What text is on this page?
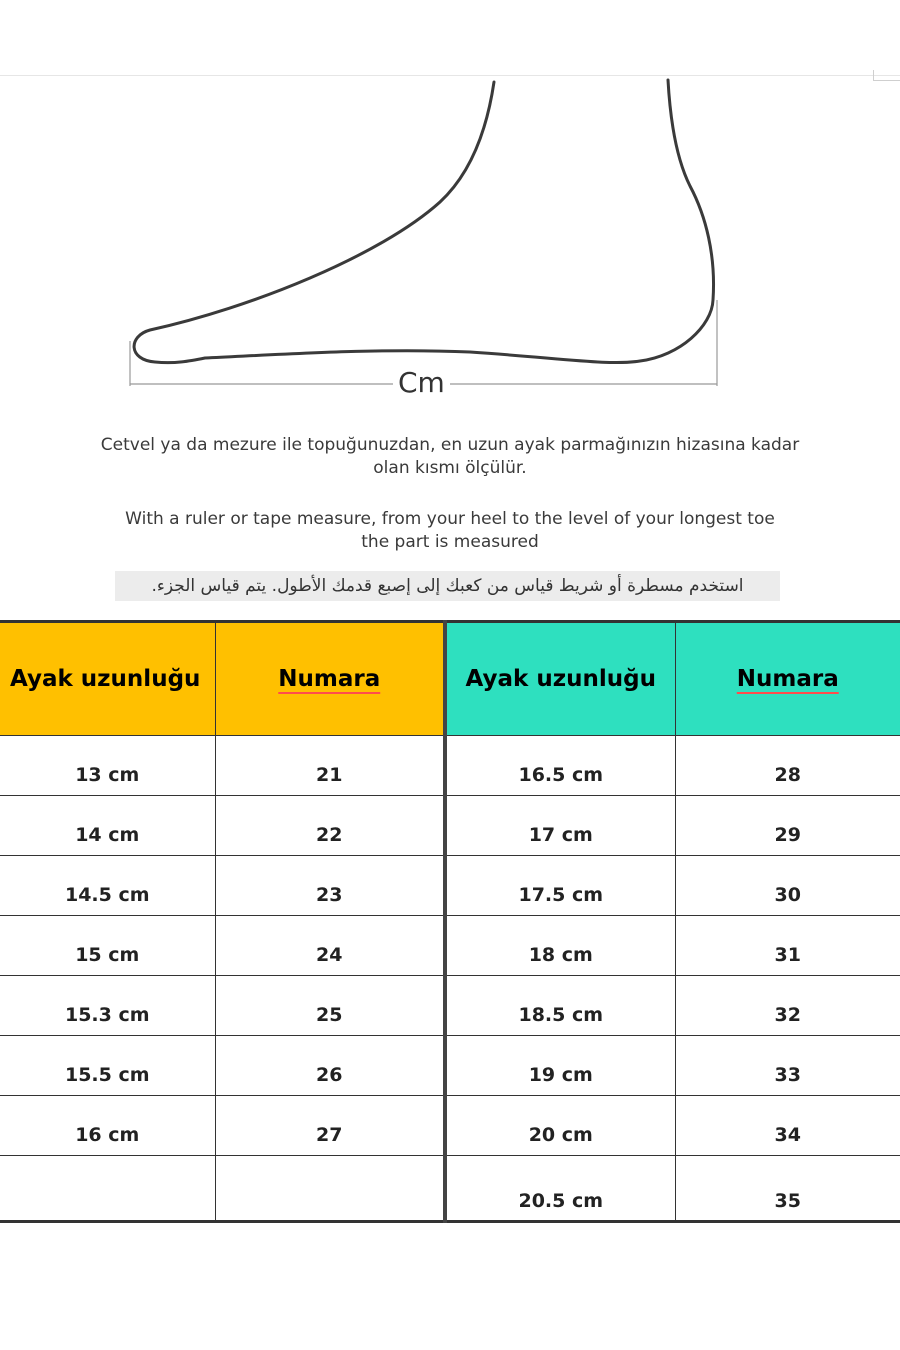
Cm
Cetvel ya da mezure ile topuğunuzdan, en uzun ayak parmağınızın hizasına kadar
olan kısmı ölçülür.
With a ruler or tape measure, from your heel to the level of your longest toe
the part is measured
استخدم مسطرة أو شريط قياس من كعبك إلى إصبع قدمك الأطول. يتم قياس الجزء.
Ayak uzunluğu	Numara	Ayak uzunluğu	Numara
13 cm	21	16.5 cm	28
14 cm	22	17 cm	29
14.5 cm	23	17.5 cm	30
15 cm	24	18 cm	31
15.3 cm	25	18.5 cm	32
15.5 cm	26	19 cm	33
16 cm	27	20 cm	34
		20.5 cm	35
